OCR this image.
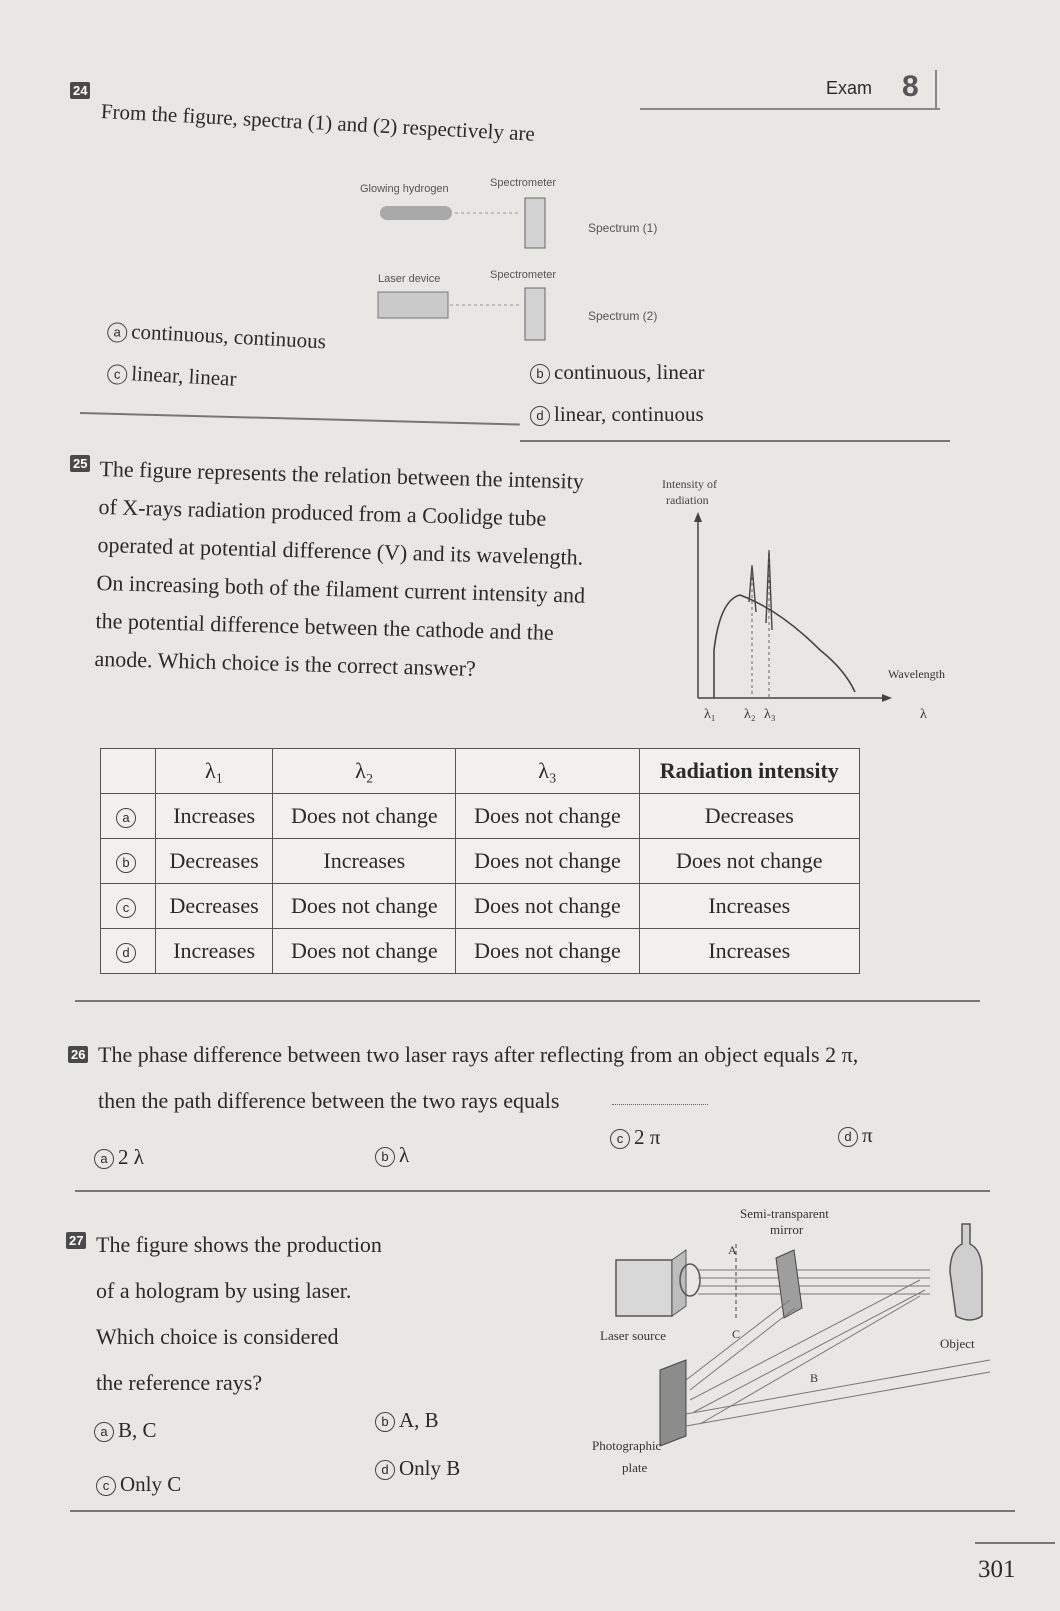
Exam 8
24
From the figure, spectra (1) and (2) respectively are
Glowing hydrogen	Spectrometer
Spectrum (1)
Laser device	Spectrometer
Spectrum (2)
a continuous, continuous
c linear, linear	b continuous, linear
d linear, continuous
25 The figure represents the relation between the intensity
of X-rays radiation produced from a Coolidge tube
operated at potential difference (V) and its wavelength.
On increasing both of the filament current intensity and
the potential difference between the cathode and the
anode. Which choice is the correct answer?
Intensity of
radiation
λ₁ λ₂ λ₃
Wavelength
λ
	λ₁	λ₂	λ₃	Radiation intensity
a	Increases	Does not change	Does not change	Decreases
b	Decreases	Increases	Does not change	Does not change
c	Decreases	Does not change	Does not change	Increases
d	Increases	Does not change	Does not change	Increases
26 The phase difference between two laser rays after reflecting from an object equals 2 π,
then the path difference between the two rays equals
a 2 λ	b λ
c 2 π	d π
27 The figure shows the production
of a hologram by using laser.
Which choice is considered
the reference rays?
a B, C	b A, B
c Only C
d Only B
Semi-transparent
mirror
A
C
B
Laser source
Object
Photographic
plate
301
